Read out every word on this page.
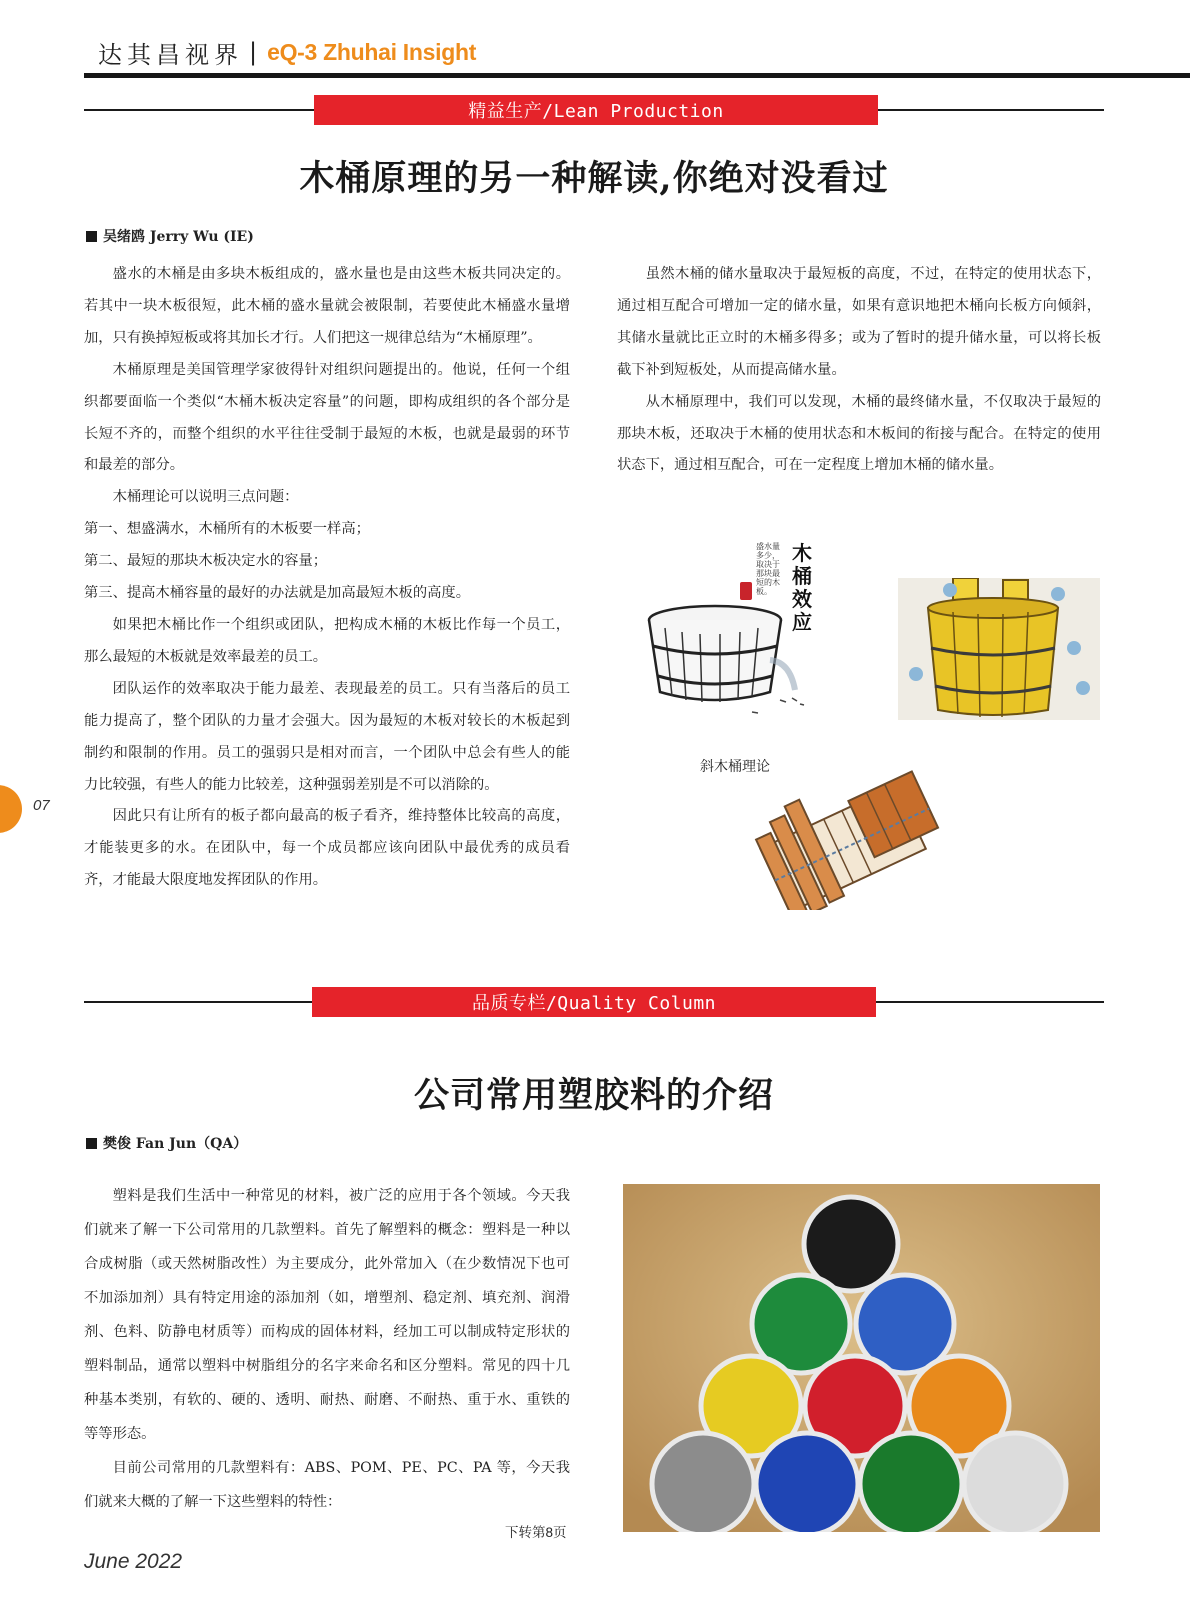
达其昌视界 | eQ-3 Zhuhai Insight
精益生产/Lean Production
木桶原理的另一种解读,你绝对没看过
吴绪鸥 Jerry Wu (IE)

盛水的木桶是由多块木板组成的，盛水量也是由这些木板共同决定的。若其中一块木板很短，此木桶的盛水量就会被限制，若要使此木桶盛水量增加，只有换掉短板或将其加长才行。人们把这一规律总结为“木桶原理”。

木桶原理是美国管理学家彼得针对组织问题提出的。他说，任何一个组织都要面临一个类似“木桶木板决定容量”的问题，即构成组织的各个部分是长短不齐的，而整个组织的水平往往受制于最短的木板，也就是最弱的环节和最差的部分。

木桶理论可以说明三点问题：

第一、想盛满水，木桶所有的木板要一样高；

第二、最短的那块木板决定水的容量；

第三、提高木桶容量的最好的办法就是加高最短木板的高度。

如果把木桶比作一个组织或团队，把构成木桶的木板比作每一个员工，那么最短的木板就是效率最差的员工。

团队运作的效率取决于能力最差、表现最差的员工。只有当落后的员工能力提高了，整个团队的力量才会强大。因为最短的木板对较长的木板起到制约和限制的作用。员工的强弱只是相对而言，一个团队中总会有些人的能力比较强，有些人的能力比较差，这种强弱差别是不可以消除的。

因此只有让所有的板子都向最高的板子看齐，维持整体比较高的高度，才能装更多的水。在团队中，每一个成员都应该向团队中最优秀的成员看齐，才能最大限度地发挥团队的作用。

虽然木桶的储水量取决于最短板的高度，不过，在特定的使用状态下，通过相互配合可增加一定的储水量，如果有意识地把木桶向长板方向倾斜，其储水量就比正立时的木桶多得多；或为了暂时的提升储水量，可以将长板截下补到短板处，从而提高储水量。

从木桶原理中，我们可以发现，木桶的最终储水量，不仅取决于最短的那块木板，还取决于木桶的使用状态和木板间的衔接与配合。在特定的使用状态下，通过相互配合，可在一定程度上增加木桶的储水量。

木桶效应
盛水量多少，取决于那块最短的木板。
斜木桶理论
07
品质专栏/Quality Column
公司常用塑胶料的介绍
樊俊 Fan Jun（QA）

塑料是我们生活中一种常见的材料，被广泛的应用于各个领域。今天我们就来了解一下公司常用的几款塑料。首先了解塑料的概念：塑料是一种以合成树脂（或天然树脂改性）为主要成分，此外常加入（在少数情况下也可不加添加剂）具有特定用途的添加剂（如，增塑剂、稳定剂、填充剂、润滑剂、色料、防静电材质等）而构成的固体材料，经加工可以制成特定形状的塑料制品，通常以塑料中树脂组分的名字来命名和区分塑料。常见的四十几种基本类别，有软的、硬的、透明、耐热、耐磨、不耐热、重于水、重铁的等等形态。

目前公司常用的几款塑料有：ABS、POM、PE、PC、PA 等，今天我们就来大概的了解一下这些塑料的特性：

下转第8页
June 2022
